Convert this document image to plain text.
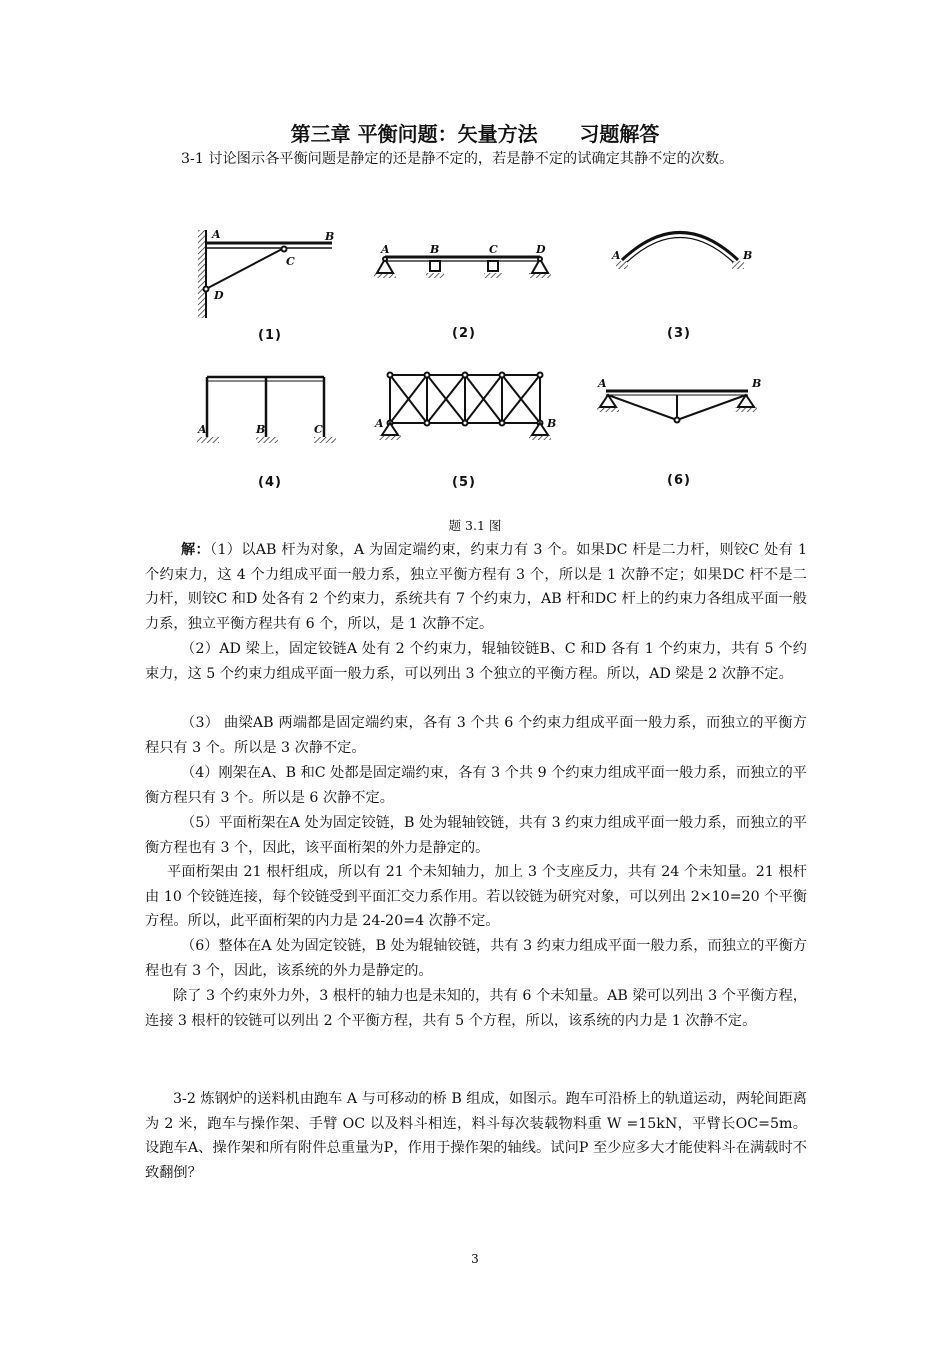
第三章 平衡问题：矢量方法      习题解答

3-1 讨论图示各平衡问题是静定的还是静不定的，若是静不定的试确定其静不定的次数。

A	B
C
D
A	B	C	D	A	B
A	B	C	A	B
A	B
(1)	(2)	(3)
(4)	(5)	(6)
题 3.1 图

解：（1）以AB 杆为对象，A 为固定端约束，约束力有 3 个。如果DC 杆是二力杆，则铰C 处有 1 个约束力，这 4 个力组成平面一般力系，独立平衡方程有 3 个，所以是 1 次静不定；如果DC 杆不是二力杆，则铰C 和D 处各有 2 个约束力，系统共有 7 个约束力，AB 杆和DC 杆上的约束力各组成平面一般力系，独立平衡方程共有 6 个，所以，是 1 次静不定。

（2）AD 梁上，固定铰链A 处有 2 个约束力，辊轴铰链B、C 和D 各有 1 个约束力，共有 5 个约束力，这 5 个约束力组成平面一般力系，可以列出 3 个独立的平衡方程。所以，AD 梁是 2 次静不定。

（3） 曲梁AB 两端都是固定端约束，各有 3 个共 6 个约束力组成平面一般力系，而独立的平衡方程只有 3 个。所以是 3 次静不定。

（4）刚架在A、B 和C 处都是固定端约束，各有 3 个共 9 个约束力组成平面一般力系，而独立的平衡方程只有 3 个。所以是 6 次静不定。

（5）平面桁架在A 处为固定铰链，B 处为辊轴铰链，共有 3 约束力组成平面一般力系，而独立的平衡方程也有 3 个，因此，该平面桁架的外力是静定的。

平面桁架由 21 根杆组成，所以有 21 个未知轴力，加上 3 个支座反力，共有 24 个未知量。21 根杆由 10 个铰链连接，每个铰链受到平面汇交力系作用。若以铰链为研究对象，可以列出 2×10=20 个平衡方程。所以，此平面桁架的内力是 24-20=4 次静不定。

（6）整体在A 处为固定铰链，B 处为辊轴铰链，共有 3 约束力组成平面一般力系，而独立的平衡方程也有 3 个，因此，该系统的外力是静定的。

除了 3 个约束外力外，3 根杆的轴力也是未知的，共有 6 个未知量。AB 梁可以列出 3 个平衡方程，连接 3 根杆的铰链可以列出 2 个平衡方程，共有 5 个方程，所以，该系统的内力是 1 次静不定。

3-2 炼钢炉的送料机由跑车 A 与可移动的桥 B 组成，如图示。跑车可沿桥上的轨道运动，两轮间距离为 2 米，跑车与操作架、手臂 OC 以及料斗相连，料斗每次装载物料重 W =15kN，平臂长OC=5m。设跑车A、操作架和所有附件总重量为P，作用于操作架的轴线。试问P 至少应多大才能使料斗在满载时不致翻倒？

3
